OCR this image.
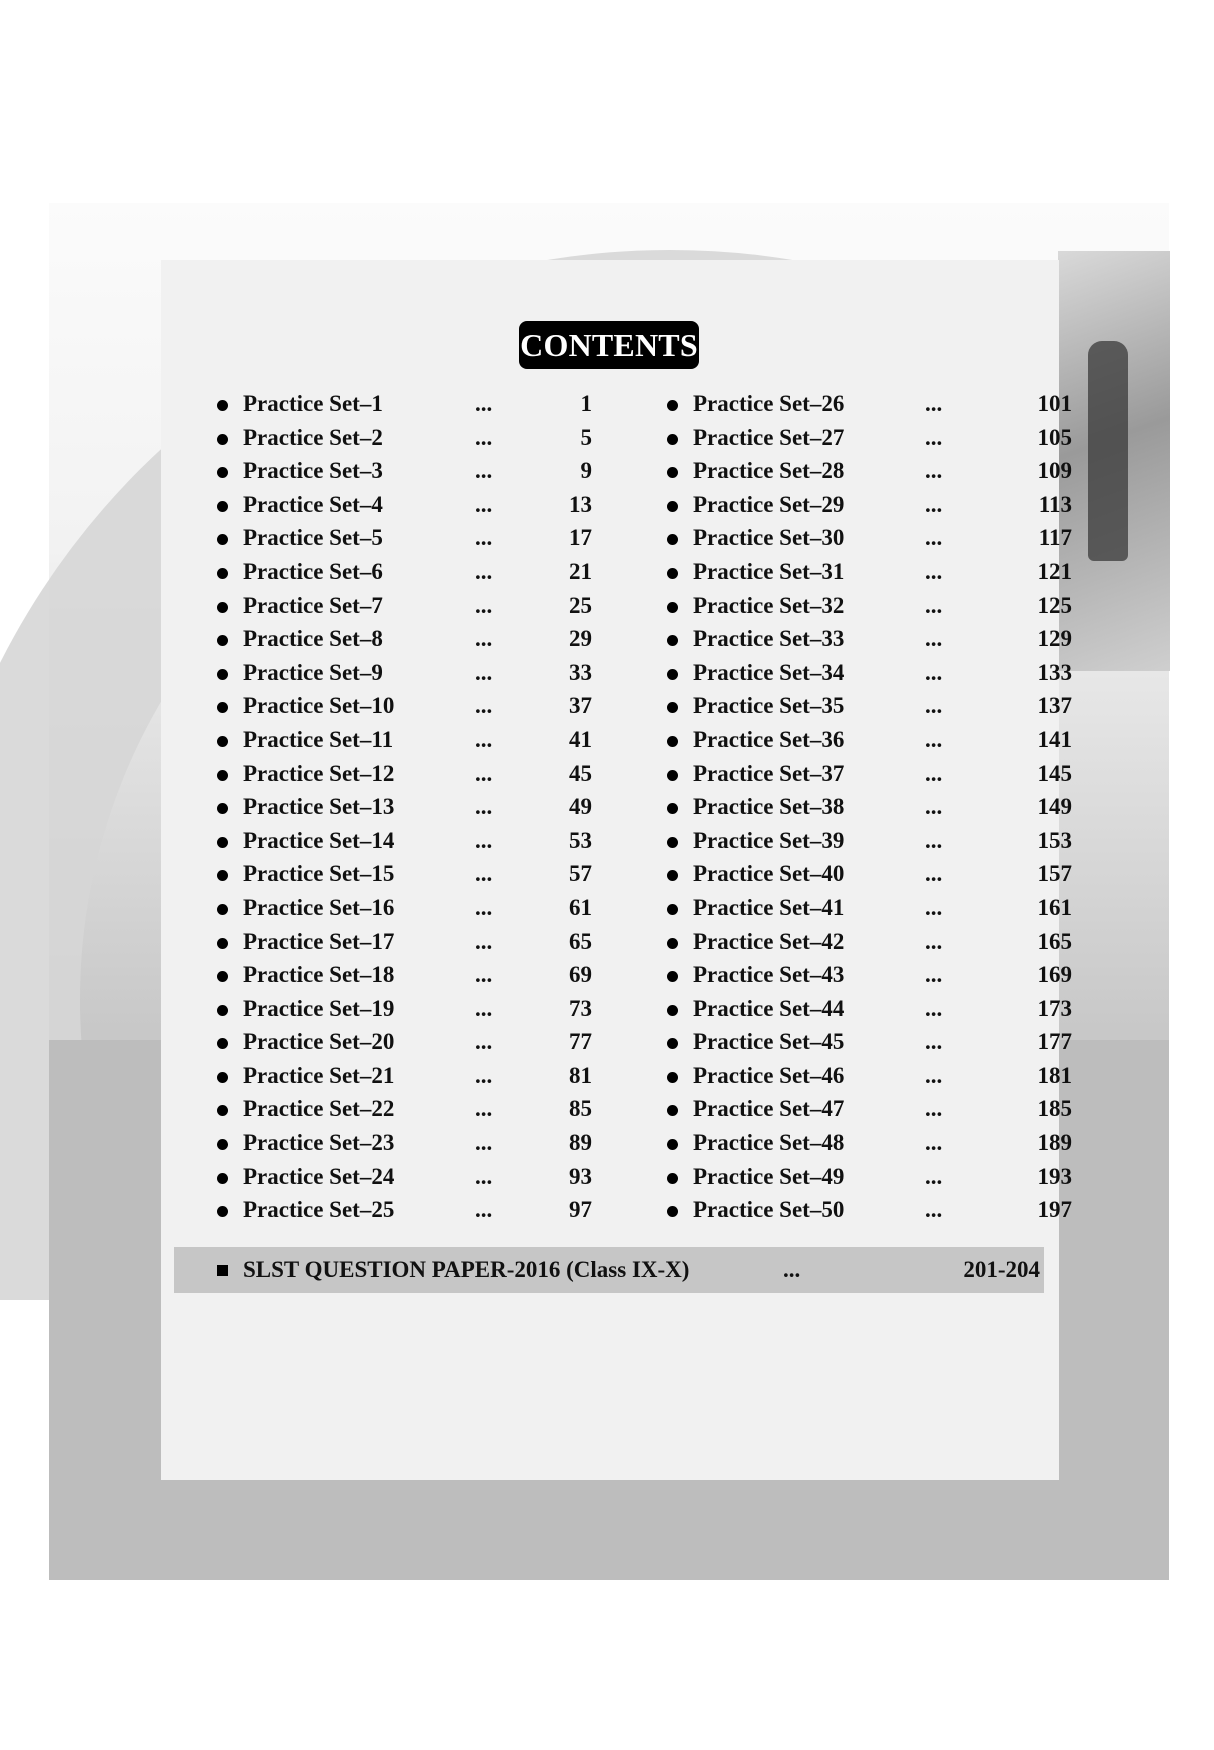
CONTENTS
Practice Set–1	...	1
Practice Set–2	...	5
Practice Set–3	...	9
Practice Set–4	...	13
Practice Set–5	...	17
Practice Set–6	...	21
Practice Set–7	...	25
Practice Set–8	...	29
Practice Set–9	...	33
Practice Set–10	...	37
Practice Set–11	...	41
Practice Set–12	...	45
Practice Set–13	...	49
Practice Set–14	...	53
Practice Set–15	...	57
Practice Set–16	...	61
Practice Set–17	...	65
Practice Set–18	...	69
Practice Set–19	...	73
Practice Set–20	...	77
Practice Set–21	...	81
Practice Set–22	...	85
Practice Set–23	...	89
Practice Set–24	...	93
Practice Set–25	...	97
Practice Set–26	...	101
Practice Set–27	...	105
Practice Set–28	...	109
Practice Set–29	...	113
Practice Set–30	...	117
Practice Set–31	...	121
Practice Set–32	...	125
Practice Set–33	...	129
Practice Set–34	...	133
Practice Set–35	...	137
Practice Set–36	...	141
Practice Set–37	...	145
Practice Set–38	...	149
Practice Set–39	...	153
Practice Set–40	...	157
Practice Set–41	...	161
Practice Set–42	...	165
Practice Set–43	...	169
Practice Set–44	...	173
Practice Set–45	...	177
Practice Set–46	...	181
Practice Set–47	...	185
Practice Set–48	...	189
Practice Set–49	...	193
Practice Set–50	...	197
SLST QUESTION PAPER-2016 (Class IX-X)	...	201-204
